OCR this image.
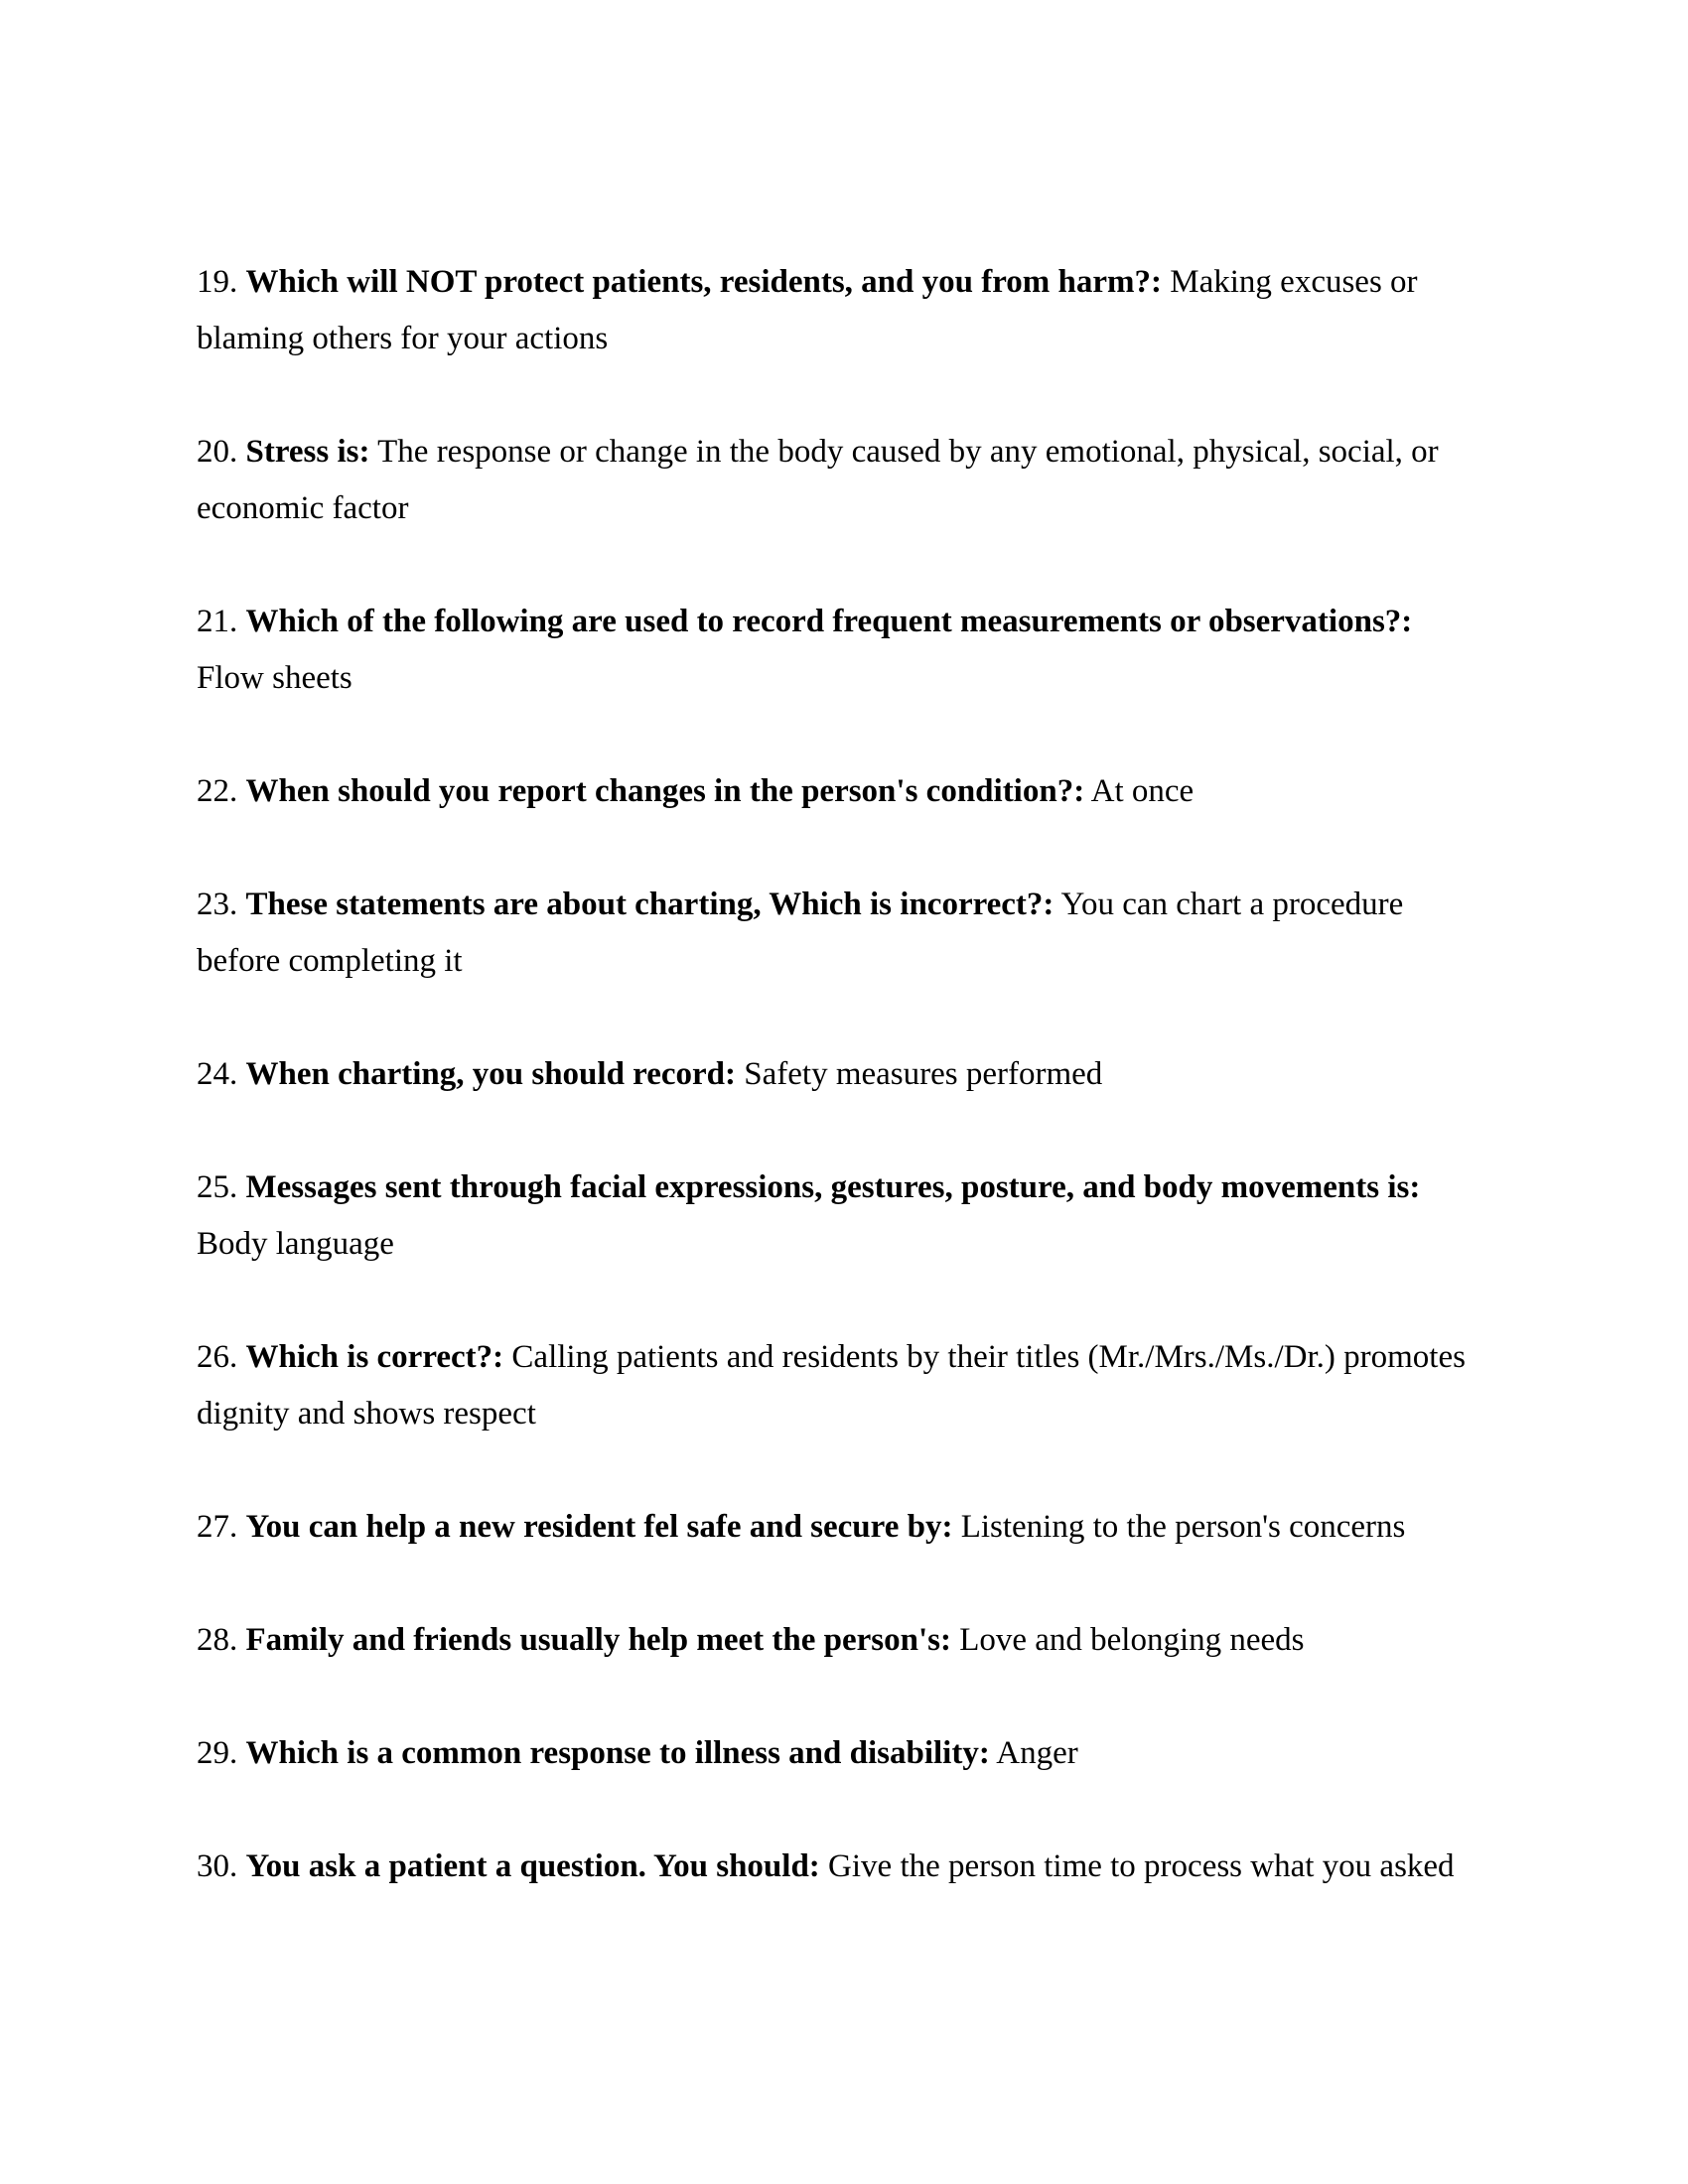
19. Which will NOT protect patients, residents, and you from harm?: Making excuses or blaming others for your actions
20. Stress is: The response or change in the body caused by any emotional, physical, social, or economic factor
21. Which of the following are used to record frequent measurements or observations?: Flow sheets
22. When should you report changes in the person's condition?: At once
23. These statements are about charting, Which is incorrect?: You can chart a procedure before completing it
24. When charting, you should record: Safety measures performed
25. Messages sent through facial expressions, gestures, posture, and body movements is: Body language
26. Which is correct?: Calling patients and residents by their titles (Mr./Mrs./Ms./Dr.) promotes dignity and shows respect
27. You can help a new resident fel safe and secure by: Listening to the person's concerns
28. Family and friends usually help meet the person's: Love and belonging needs
29. Which is a common response to illness and disability: Anger
30. You ask a patient a question. You should: Give the person time to process what you asked
